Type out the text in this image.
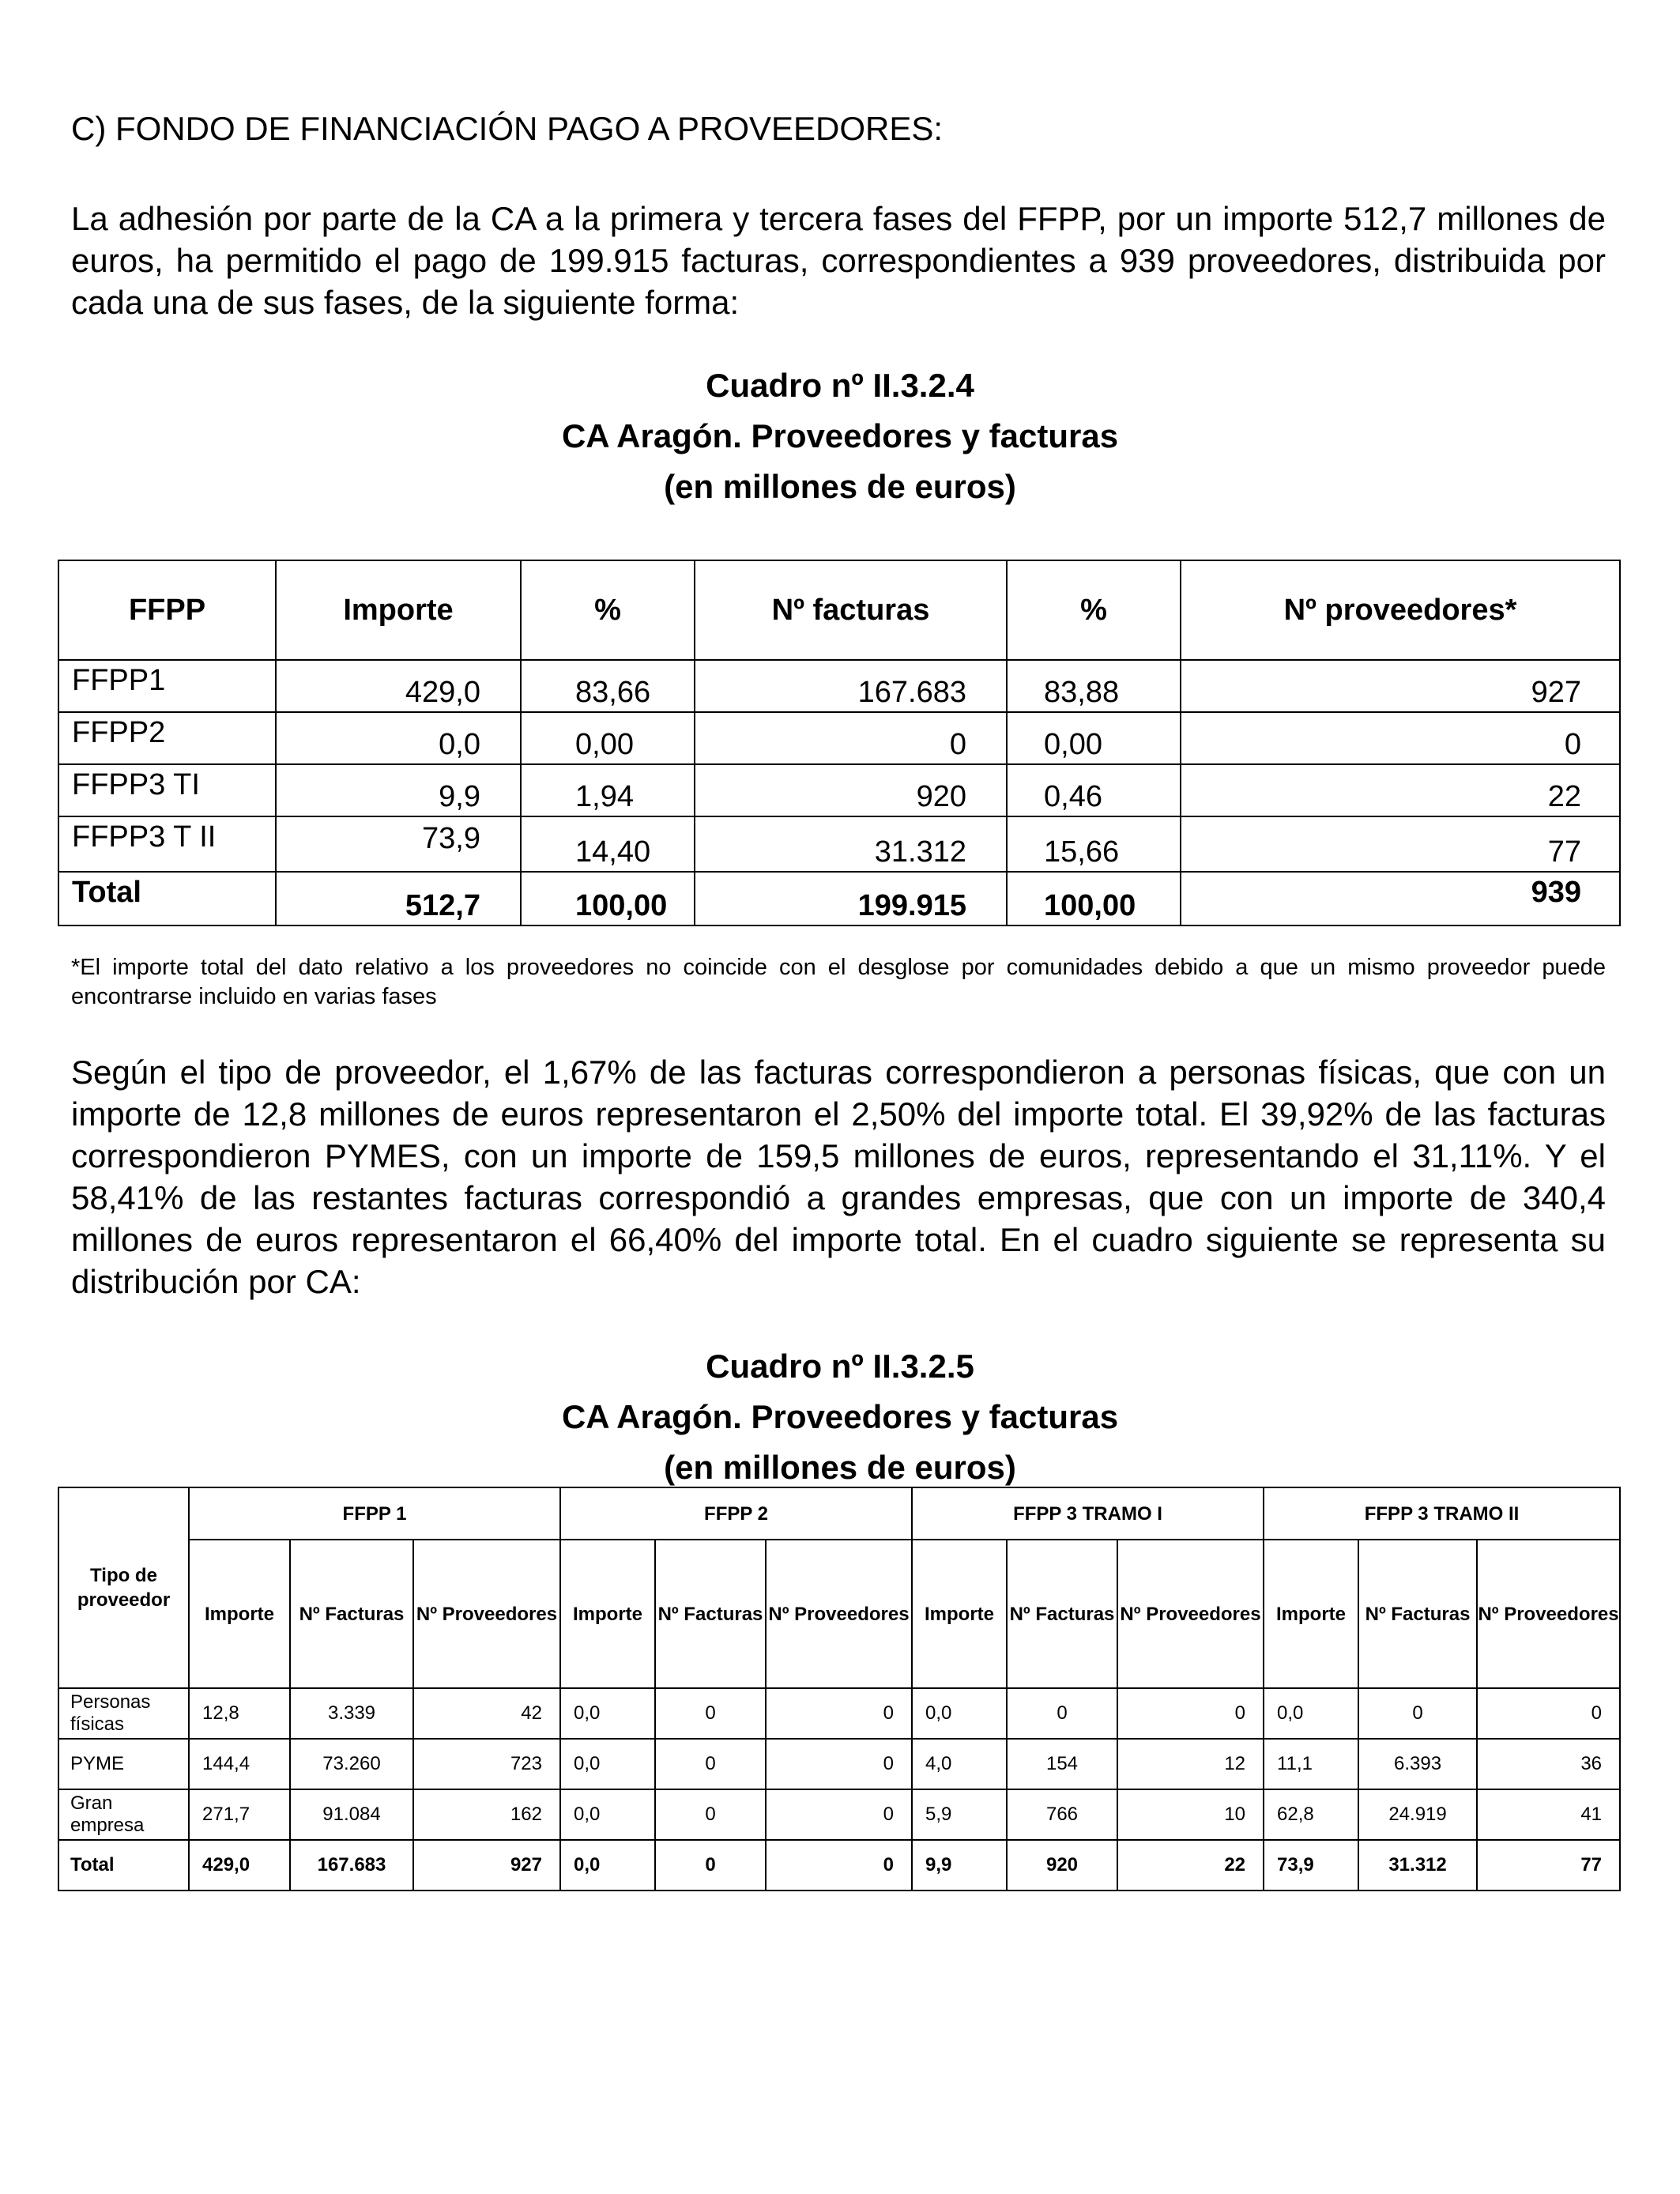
C) FONDO DE FINANCIACIÓN PAGO A PROVEEDORES:
La adhesión por parte de la CA a la primera y tercera fases del FFPP, por un importe 512,7 millones de euros, ha permitido el pago de 199.915 facturas, correspondientes a 939 proveedores, distribuida por cada una de sus fases, de la siguiente forma:
Cuadro nº II.3.2.4
CA Aragón. Proveedores y facturas
(en millones de euros)
FFPP	Importe	%	Nº facturas	%	Nº proveedores*
FFPP1	429,0	83,66	167.683	83,88	927
FFPP2	0,0	0,00	0	0,00	0
FFPP3 TI	9,9	1,94	920	0,46	22
FFPP3 T II	73,9	14,40	31.312	15,66	77
Total	512,7	100,00	199.915	100,00	939
*El importe total del dato relativo a los proveedores no coincide con el desglose por comunidades debido a que un mismo proveedor puede encontrarse incluido en varias fases
Según el tipo de proveedor, el 1,67% de las facturas correspondieron a personas físicas, que con un importe de 12,8 millones de euros representaron el 2,50% del importe total. El 39,92% de las facturas correspondieron PYMES, con un importe de 159,5 millones de euros, representando el 31,11%. Y el 58,41% de las restantes facturas correspondió a grandes empresas, que con un importe de 340,4 millones de euros representaron el 66,40% del importe total. En el cuadro siguiente se representa su distribución por CA:
Cuadro nº II.3.2.5
CA Aragón. Proveedores y facturas
(en millones de euros)
Tipo de proveedor	FFPP 1			FFPP 2			FFPP 3 TRAMO I			FFPP 3 TRAMO II		
	Importe	Nº Facturas	Nº Proveedores	Importe	Nº Facturas	Nº Proveedores	Importe	Nº Facturas	Nº Proveedores	Importe	Nº Facturas	Nº Proveedores
Personas físicas	12,8	3.339	42	0,0	0	0	0,0	0	0	0,0	0	0
PYME	144,4	73.260	723	0,0	0	0	4,0	154	12	11,1	6.393	36
Gran empresa	271,7	91.084	162	0,0	0	0	5,9	766	10	62,8	24.919	41
Total	429,0	167.683	927	0,0	0	0	9,9	920	22	73,9	31.312	77
